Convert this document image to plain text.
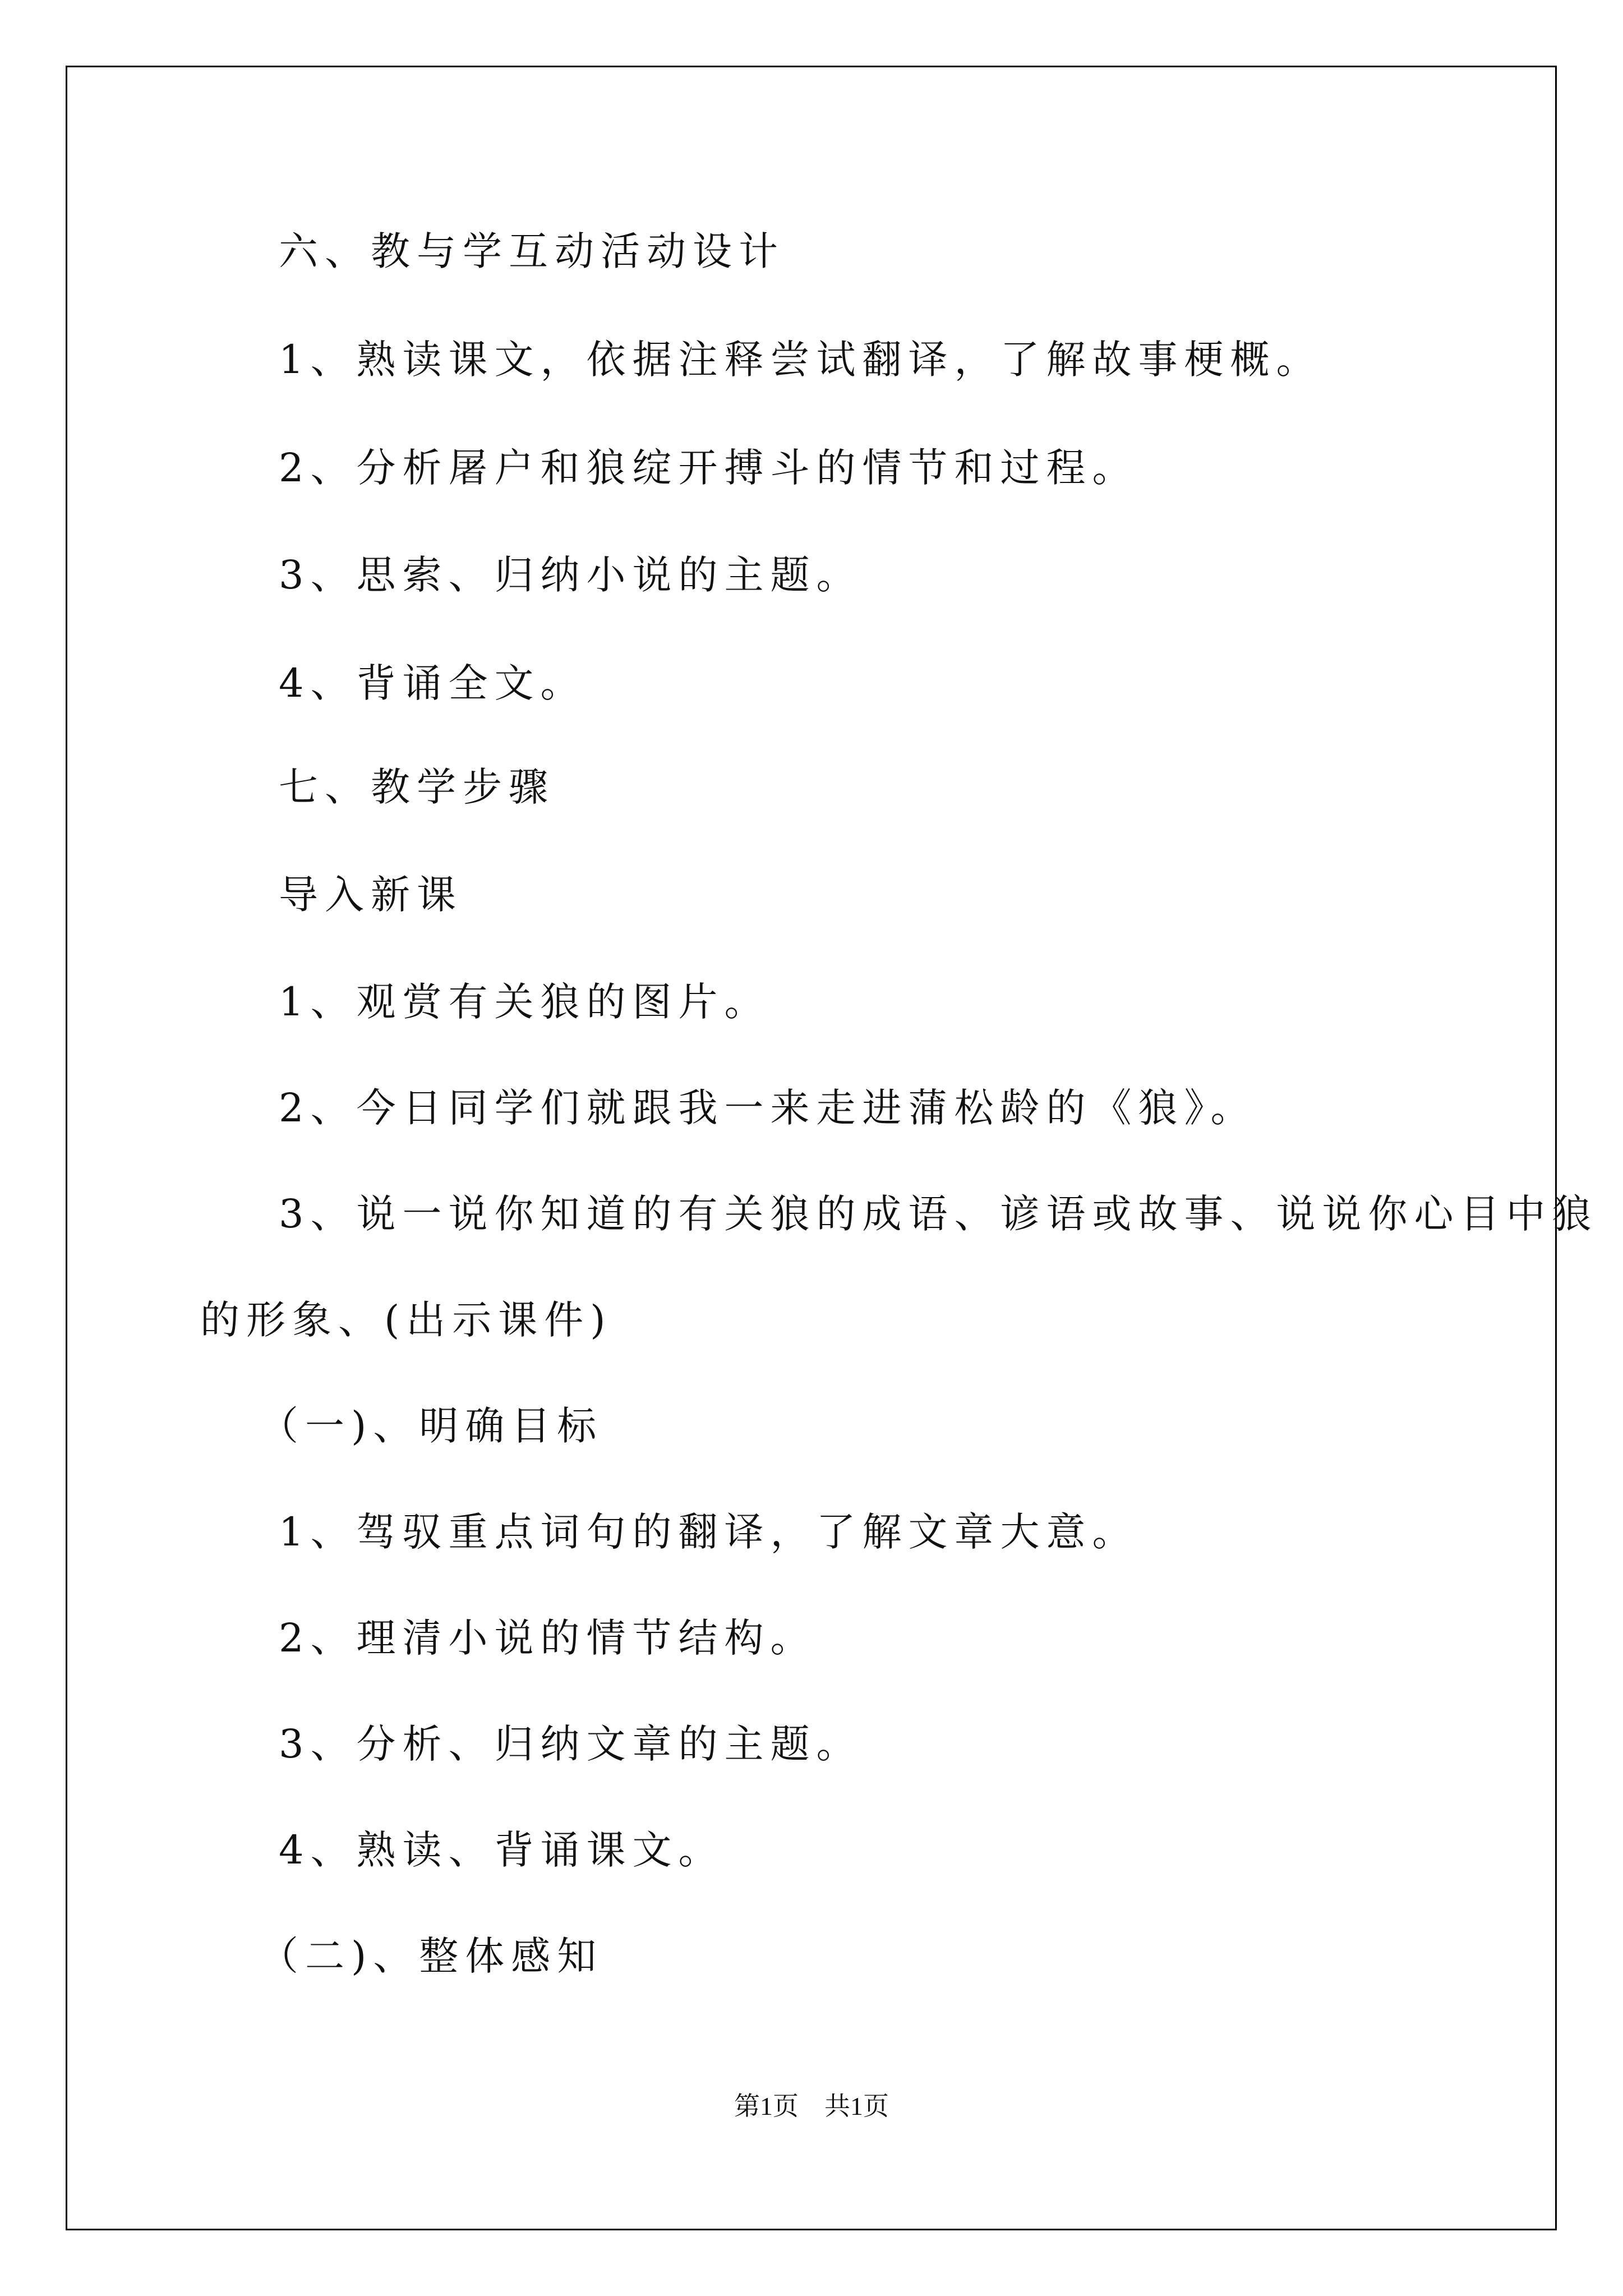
六、教与学互动活动设计

1、熟读课文，依据注释尝试翻译，了解故事梗概。

2、分析屠户和狼绽开搏斗的情节和过程。

3、思索、归纳小说的主题。

4、背诵全文。

七、教学步骤

导入新课

1、观赏有关狼的图片。

2、今日同学们就跟我一来走进蒲松龄的《狼》。

3、说一说你知道的有关狼的成语、谚语或故事、说说你心目中狼

的形象、(出示课件)

（一)、明确目标

1、驾驭重点词句的翻译，了解文章大意。

2、理清小说的情节结构。

3、分析、归纳文章的主题。

4、熟读、背诵课文。

（二)、整体感知

第1页　共1页
